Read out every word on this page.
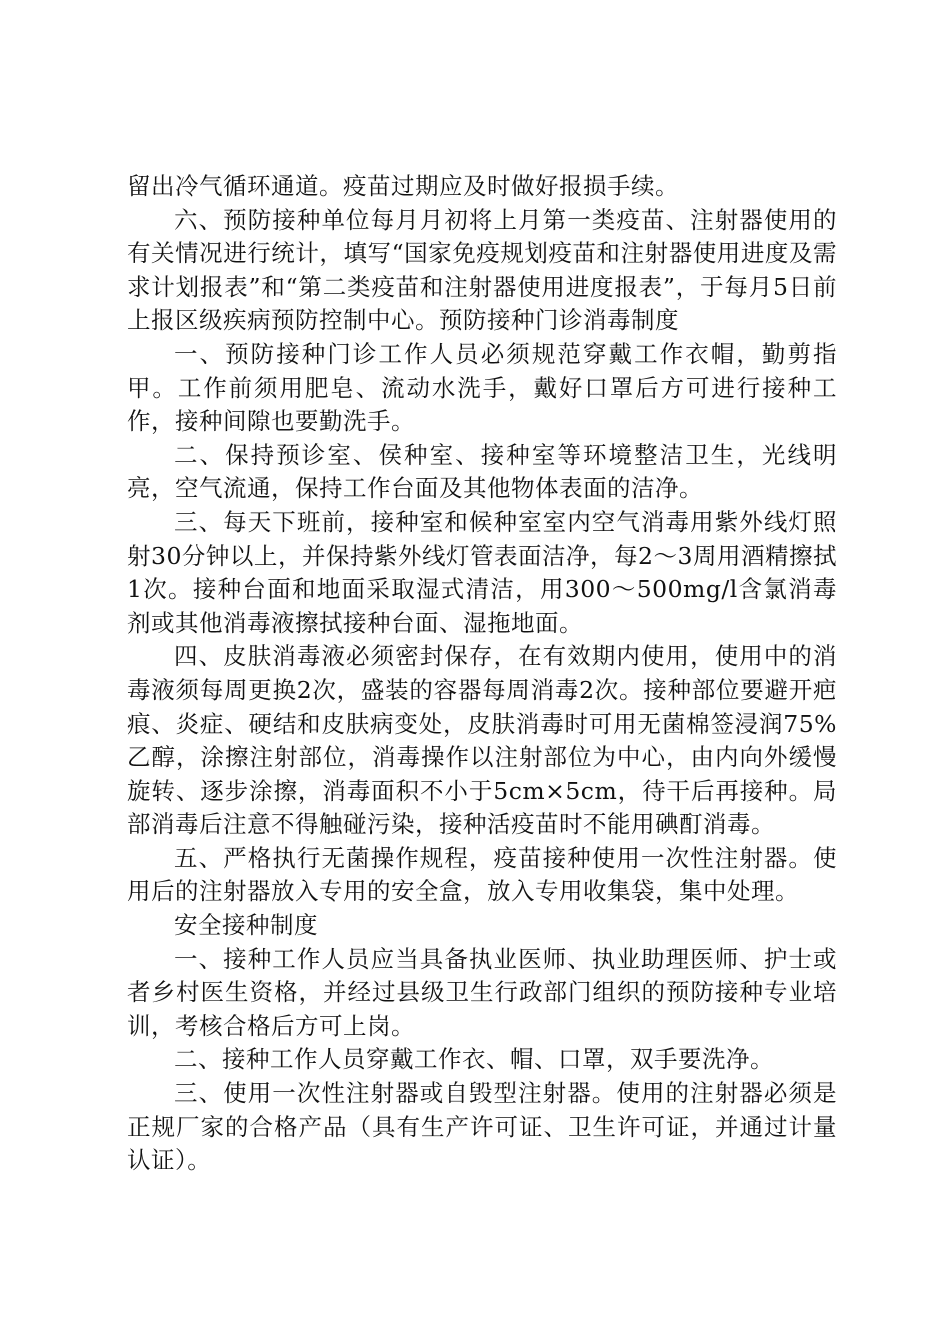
留出冷气循环通道。疫苗过期应及时做好报损手续。

六、预防接种单位每月月初将上月第一类疫苗、注射器使用的有关情况进行统计，填写“国家免疫规划疫苗和注射器使用进度及需求计划报表”和“第二类疫苗和注射器使用进度报表”，于每月5日前上报区级疾病预防控制中心。预防接种门诊消毒制度

一、预防接种门诊工作人员必须规范穿戴工作衣帽，勤剪指甲。工作前须用肥皂、流动水洗手，戴好口罩后方可进行接种工作，接种间隙也要勤洗手。

二、保持预诊室、侯种室、接种室等环境整洁卫生，光线明亮，空气流通，保持工作台面及其他物体表面的洁净。

三、每天下班前，接种室和候种室室内空气消毒用紫外线灯照射30分钟以上，并保持紫外线灯管表面洁净，每2～3周用酒精擦拭1次。接种台面和地面采取湿式清洁，用300～500mg/l含氯消毒剂或其他消毒液擦拭接种台面、湿拖地面。

四、皮肤消毒液必须密封保存，在有效期内使用，使用中的消毒液须每周更换2次，盛装的容器每周消毒2次。接种部位要避开疤痕、炎症、硬结和皮肤病变处，皮肤消毒时可用无菌棉签浸润75%乙醇，涂擦注射部位，消毒操作以注射部位为中心，由内向外缓慢旋转、逐步涂擦，消毒面积不小于5cm×5cm，待干后再接种。局部消毒后注意不得触碰污染，接种活疫苗时不能用碘酊消毒。

五、严格执行无菌操作规程，疫苗接种使用一次性注射器。使用后的注射器放入专用的安全盒，放入专用收集袋，集中处理。

安全接种制度

一、接种工作人员应当具备执业医师、执业助理医师、护士或者乡村医生资格，并经过县级卫生行政部门组织的预防接种专业培训，考核合格后方可上岗。

二、接种工作人员穿戴工作衣、帽、口罩，双手要洗净。

三、使用一次性注射器或自毁型注射器。使用的注射器必须是正规厂家的合格产品（具有生产许可证、卫生许可证，并通过计量认证）。
